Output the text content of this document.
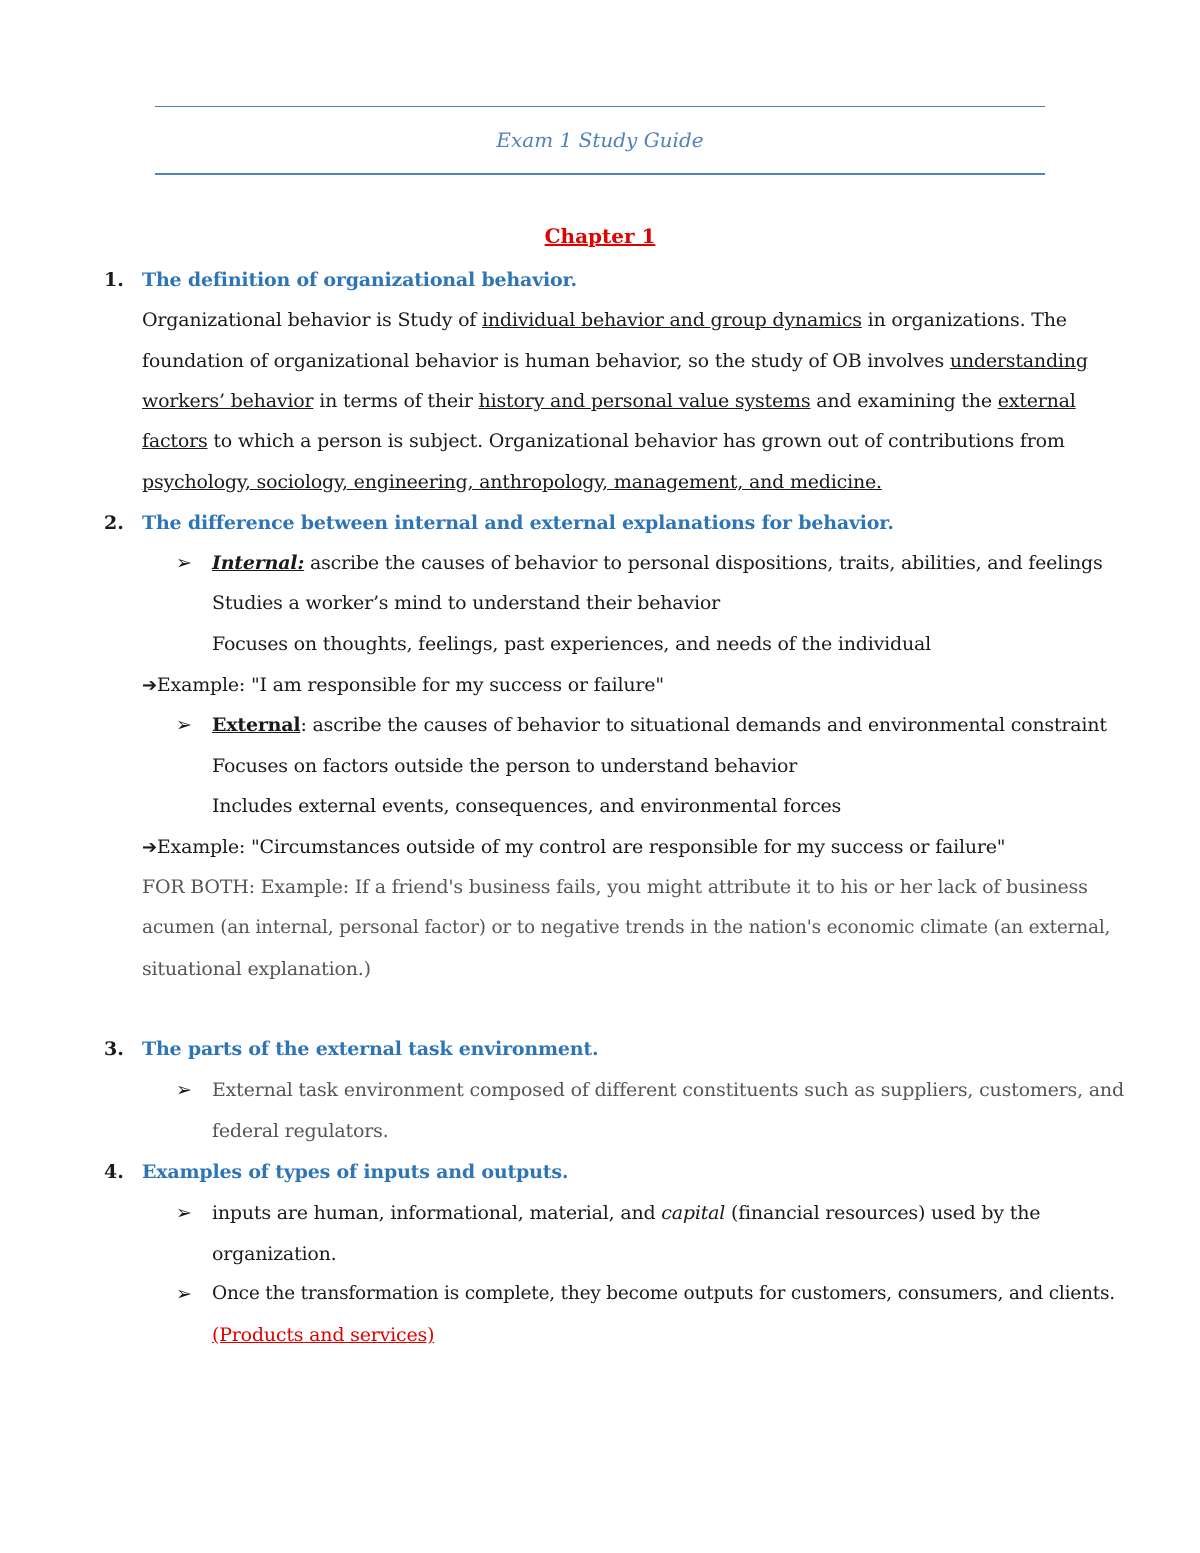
Exam 1 Study Guide
Chapter 1
1. The definition of organizational behavior.
Organizational behavior is Study of individual behavior and group dynamics in organizations. The
foundation of organizational behavior is human behavior, so the study of OB involves understanding
workers’ behavior in terms of their history and personal value systems and examining the external
factors to which a person is subject. Organizational behavior has grown out of contributions from
psychology, sociology, engineering, anthropology, management, and medicine.
2. The difference between internal and external explanations for behavior.
➢ Internal: ascribe the causes of behavior to personal dispositions, traits, abilities, and feelings
Studies a worker’s mind to understand their behavior
Focuses on thoughts, feelings, past experiences, and needs of the individual
➔Example: "I am responsible for my success or failure"
➢ External: ascribe the causes of behavior to situational demands and environmental constraint
Focuses on factors outside the person to understand behavior
Includes external events, consequences, and environmental forces
➔Example: "Circumstances outside of my control are responsible for my success or failure"
FOR BOTH: Example: If a friend's business fails, you might attribute it to his or her lack of business
acumen (an internal, personal factor) or to negative trends in the nation's economic climate (an external,
situational explanation.)
3. The parts of the external task environment.
➢ External task environment composed of different constituents such as suppliers, customers, and
federal regulators.
4. Examples of types of inputs and outputs.
➢ inputs are human, informational, material, and capital (financial resources) used by the
organization.
➢ Once the transformation is complete, they become outputs for customers, consumers, and clients.
(Products and services)
